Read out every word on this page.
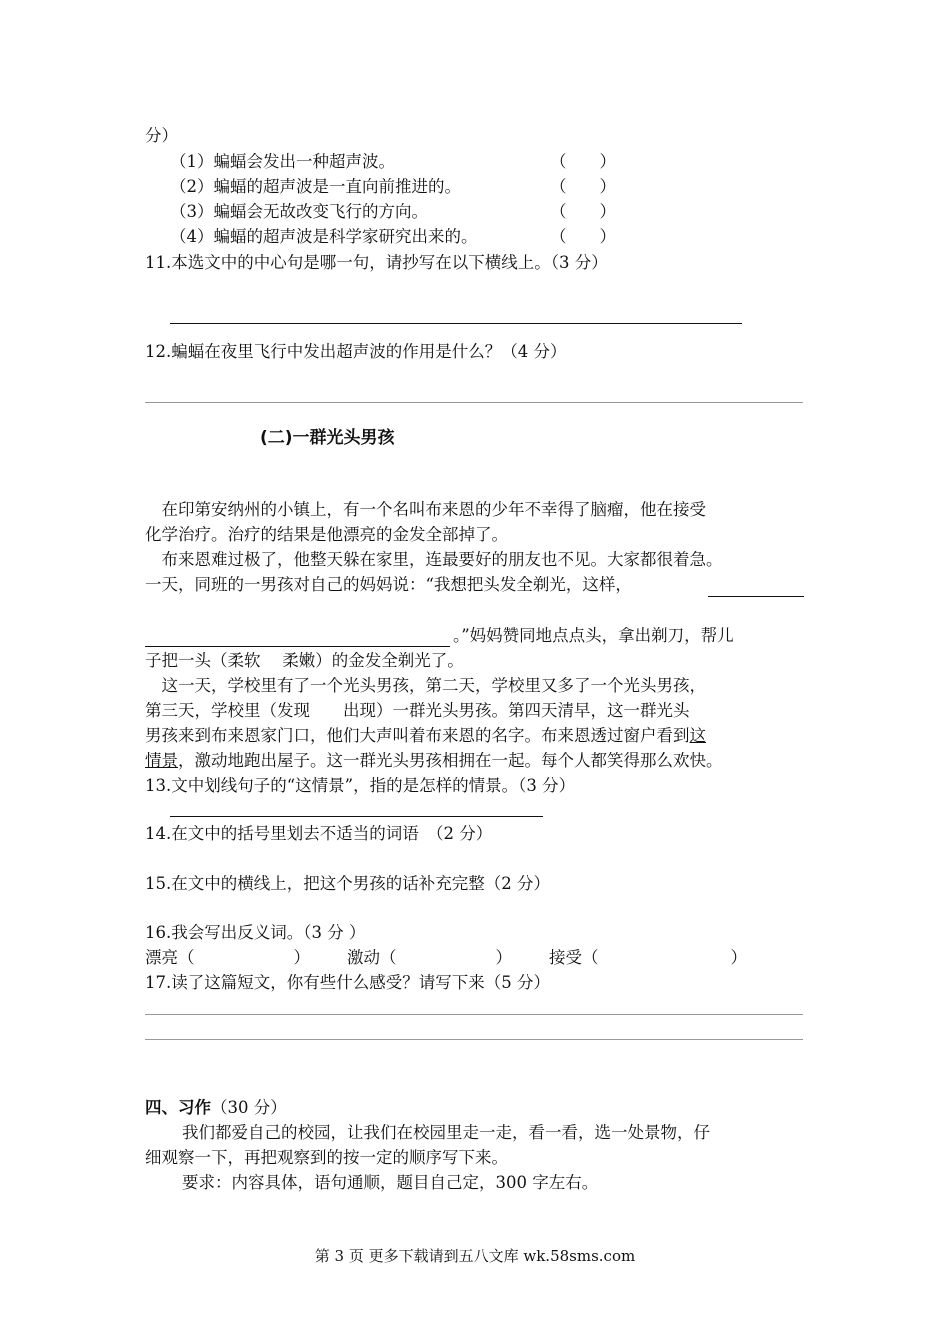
分）
（1）蝙蝠会发出一种超声波。	（　　）
（2）蝙蝠的超声波是一直向前推进的。	（　　）
（3）蝙蝠会无故改变飞行的方向。	（　　）
（4）蝙蝠的超声波是科学家研究出来的。	（　　）
11.本选文中的中心句是哪一句，请抄写在以下横线上。（3 分）
12.蝙蝠在夜里飞行中发出超声波的作用是什么？（4 分）
(二)一群光头男孩
　在印第安纳州的小镇上，有一个名叫布来恩的少年不幸得了脑瘤，他在接受
化学治疗。治疗的结果是他漂亮的金发全部掉了。
　布来恩难过极了，他整天躲在家里，连最要好的朋友也不见。大家都很着急。
一天，同班的一男孩对自己的妈妈说：“我想把头发全剃光，这样，
。”妈妈赞同地点点头，拿出剃刀，帮儿
子把一头（柔软　 柔嫩）的金发全剃光了。
　这一天，学校里有了一个光头男孩，第二天，学校里又多了一个光头男孩，
第三天，学校里（发现　　出现）一群光头男孩。第四天清早，这一群光头
男孩来到布来恩家门口，他们大声叫着布来恩的名字。布来恩透过窗户看到这
情景，激动地跑出屋子。这一群光头男孩相拥在一起。每个人都笑得那么欢快。
13.文中划线句子的“这情景”，指的是怎样的情景。（3 分）
14.在文中的括号里划去不适当的词语　（2 分）
15.在文中的横线上，把这个男孩的话补充完整（2 分）
16.我会写出反义词。（3 分 ）
漂亮（　　　　　　） 激动（　　　　　　） 接受（　　　　　　　　）
17.读了这篇短文，你有些什么感受？请写下来（5 分）
四、习作（30 分）
我们都爱自己的校园，让我们在校园里走一走，看一看，选一处景物，仔
细观察一下，再把观察到的按一定的顺序写下来。
要求：内容具体，语句通顺，题目自己定，300 字左右。
第 3 页 更多下载请到五八文库 wk.58sms.com
